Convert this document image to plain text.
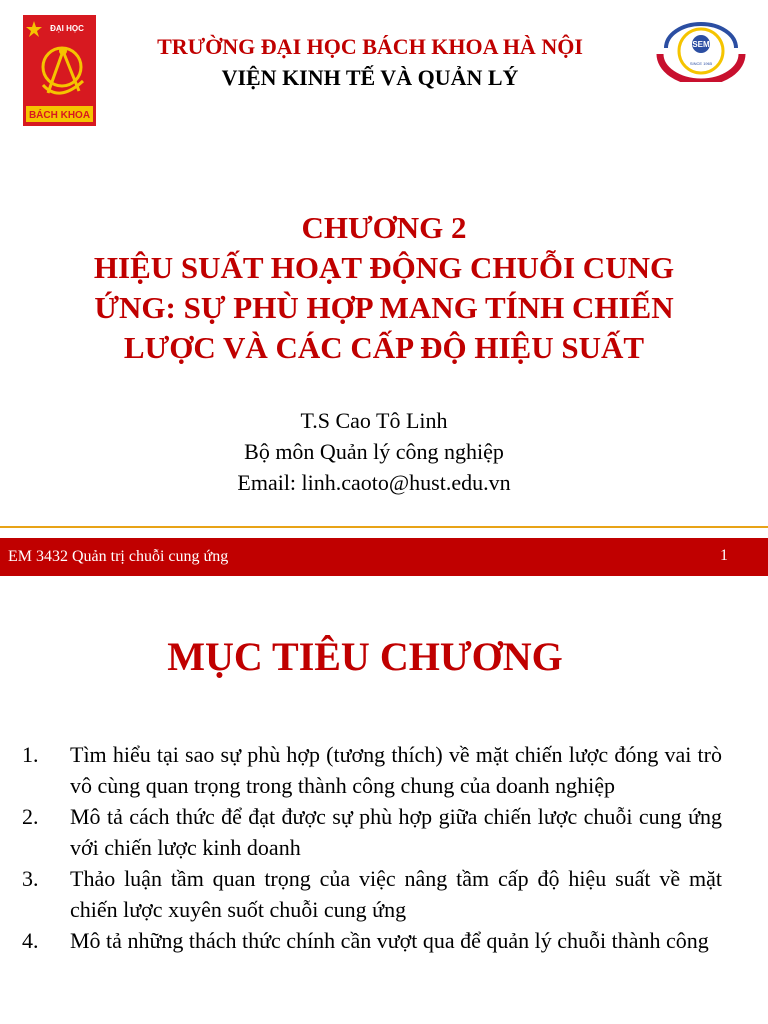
ĐẠI HỌC
BÁCH KHOA
TRƯỜNG ĐẠI HỌC BÁCH KHOA HÀ NỘI
VIỆN KINH TẾ VÀ QUẢN LÝ
SEM
SINCE 1965
CHƯƠNG 2
HIỆU SUẤT HOẠT ĐỘNG CHUỖI CUNG
ỨNG: SỰ PHÙ HỢP MANG TÍNH CHIẾN
LƯỢC VÀ CÁC CẤP ĐỘ HIỆU SUẤT
T.S Cao Tô Linh
Bộ môn Quản lý công nghiệp
Email: linh.caoto@hust.edu.vn
EM 3432 Quản trị chuỗi cung ứng	1
MỤC TIÊU CHƯƠNG
1.	Tìm hiểu tại sao sự phù hợp (tương thích) về mặt chiến lược đóng vai trò vô cùng quan trọng trong thành công chung của doanh nghiệp
2.	Mô tả cách thức để đạt được sự phù hợp giữa chiến lược chuỗi cung ứng với chiến lược kinh doanh
3.	Thảo luận tầm quan trọng của việc nâng tầm cấp độ hiệu suất về mặt chiến lược xuyên suốt chuỗi cung ứng
4.	Mô tả những thách thức chính cần vượt qua để quản lý chuỗi thành công
